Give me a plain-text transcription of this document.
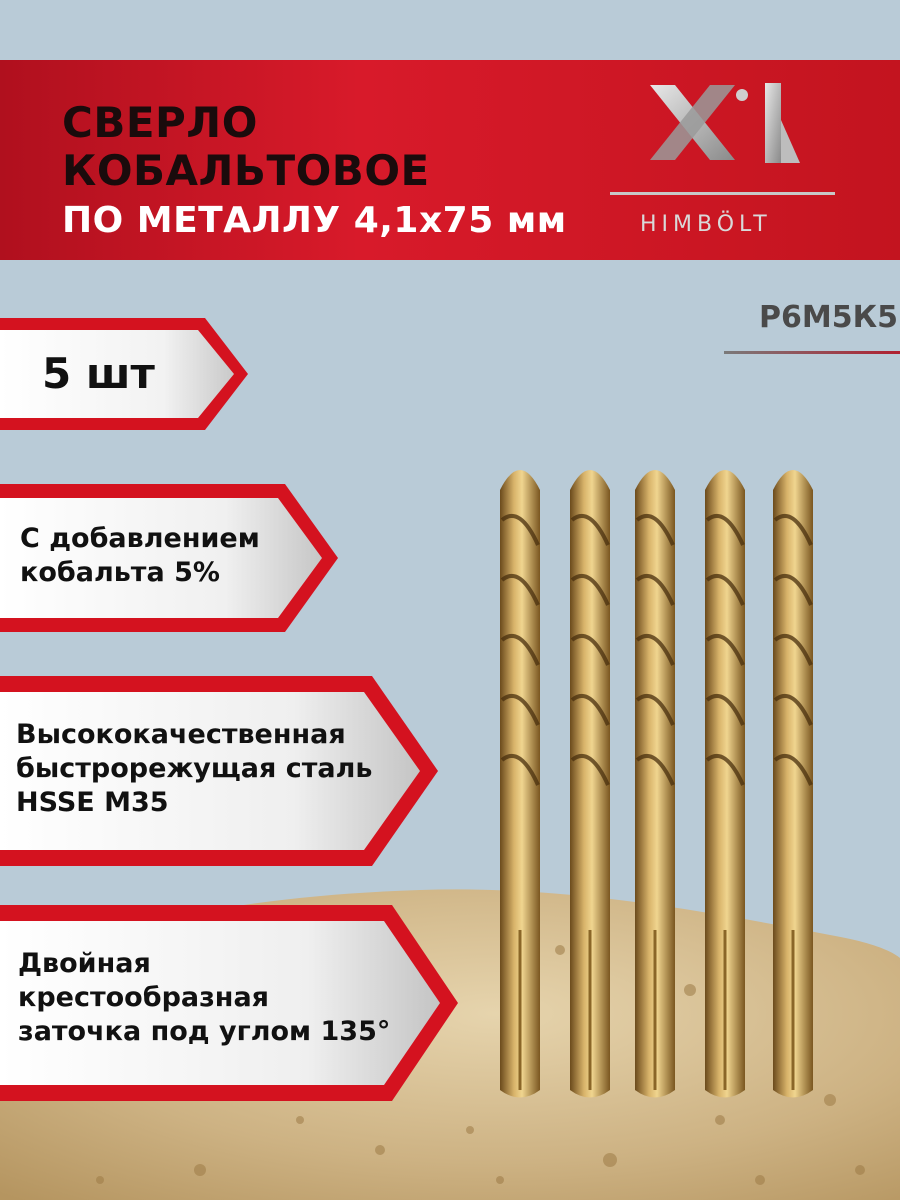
СВЕРЛО
КОБАЛЬТОВОЕ
ПО МЕТАЛЛУ 4,1х75 мм	HIMBÖLT
Р6М5К5
5 шт
С добавлением
кобальта 5%
Высококачественная
быстрорежущая сталь
HSSE M35
Двойная
крестообразная
заточка под углом 135°
